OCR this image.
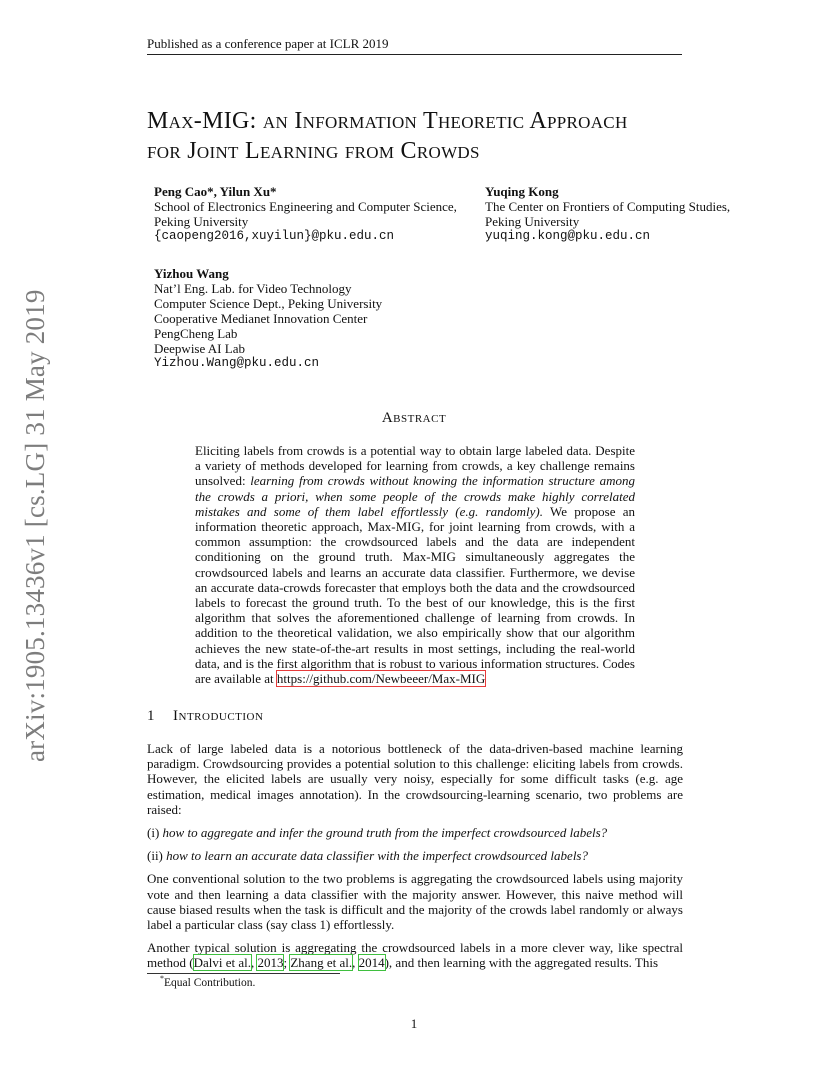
Published as a conference paper at ICLR 2019
arXiv:1905.13436v1 [cs.LG] 31 May 2019
Max-MIG: an Information Theoretic Approach
for Joint Learning from Crowds
Peng Cao*, Yilun Xu*
School of Electronics Engineering and Computer Science,
Peking University
{caopeng2016,xuyilun}@pku.edu.cn
Yuqing Kong
The Center on Frontiers of Computing Studies,
Peking University
yuqing.kong@pku.edu.cn
Yizhou Wang
Nat’l Eng. Lab. for Video Technology
Computer Science Dept., Peking University
Cooperative Medianet Innovation Center
PengCheng Lab
Deepwise AI Lab
Yizhou.Wang@pku.edu.cn
Abstract
Eliciting labels from crowds is a potential way to obtain large labeled data. Despite a variety of methods developed for learning from crowds, a key challenge remains unsolved: learning from crowds without knowing the information structure among the crowds a priori, when some people of the crowds make highly correlated mistakes and some of them label effortlessly (e.g. randomly). We propose an information theoretic approach, Max-MIG, for joint learning from crowds, with a common assumption: the crowdsourced labels and the data are independent conditioning on the ground truth. Max-MIG simultaneously aggregates the crowdsourced labels and learns an accurate data classifier. Furthermore, we devise an accurate data-crowds forecaster that employs both the data and the crowdsourced labels to forecast the ground truth. To the best of our knowledge, this is the first algorithm that solves the aforementioned challenge of learning from crowds. In addition to the theoretical validation, we also empirically show that our algorithm achieves the new state-of-the-art results in most settings, including the real-world data, and is the first algorithm that is robust to various information structures. Codes are available at https://github.com/Newbeeer/Max-MIG
1 Introduction

Lack of large labeled data is a notorious bottleneck of the data-driven-based machine learning paradigm. Crowdsourcing provides a potential solution to this challenge: eliciting labels from crowds. However, the elicited labels are usually very noisy, especially for some difficult tasks (e.g. age estimation, medical images annotation). In the crowdsourcing-learning scenario, two problems are raised:

(i) how to aggregate and infer the ground truth from the imperfect crowdsourced labels?

(ii) how to learn an accurate data classifier with the imperfect crowdsourced labels?

One conventional solution to the two problems is aggregating the crowdsourced labels using majority vote and then learning a data classifier with the majority answer. However, this naive method will cause biased results when the task is difficult and the majority of the crowds label randomly or always label a particular class (say class 1) effortlessly.

Another typical solution is aggregating the crowdsourced labels in a more clever way, like spectral method (Dalvi et al., 2013; Zhang et al., 2014), and then learning with the aggregated results. This

*Equal Contribution.
1
